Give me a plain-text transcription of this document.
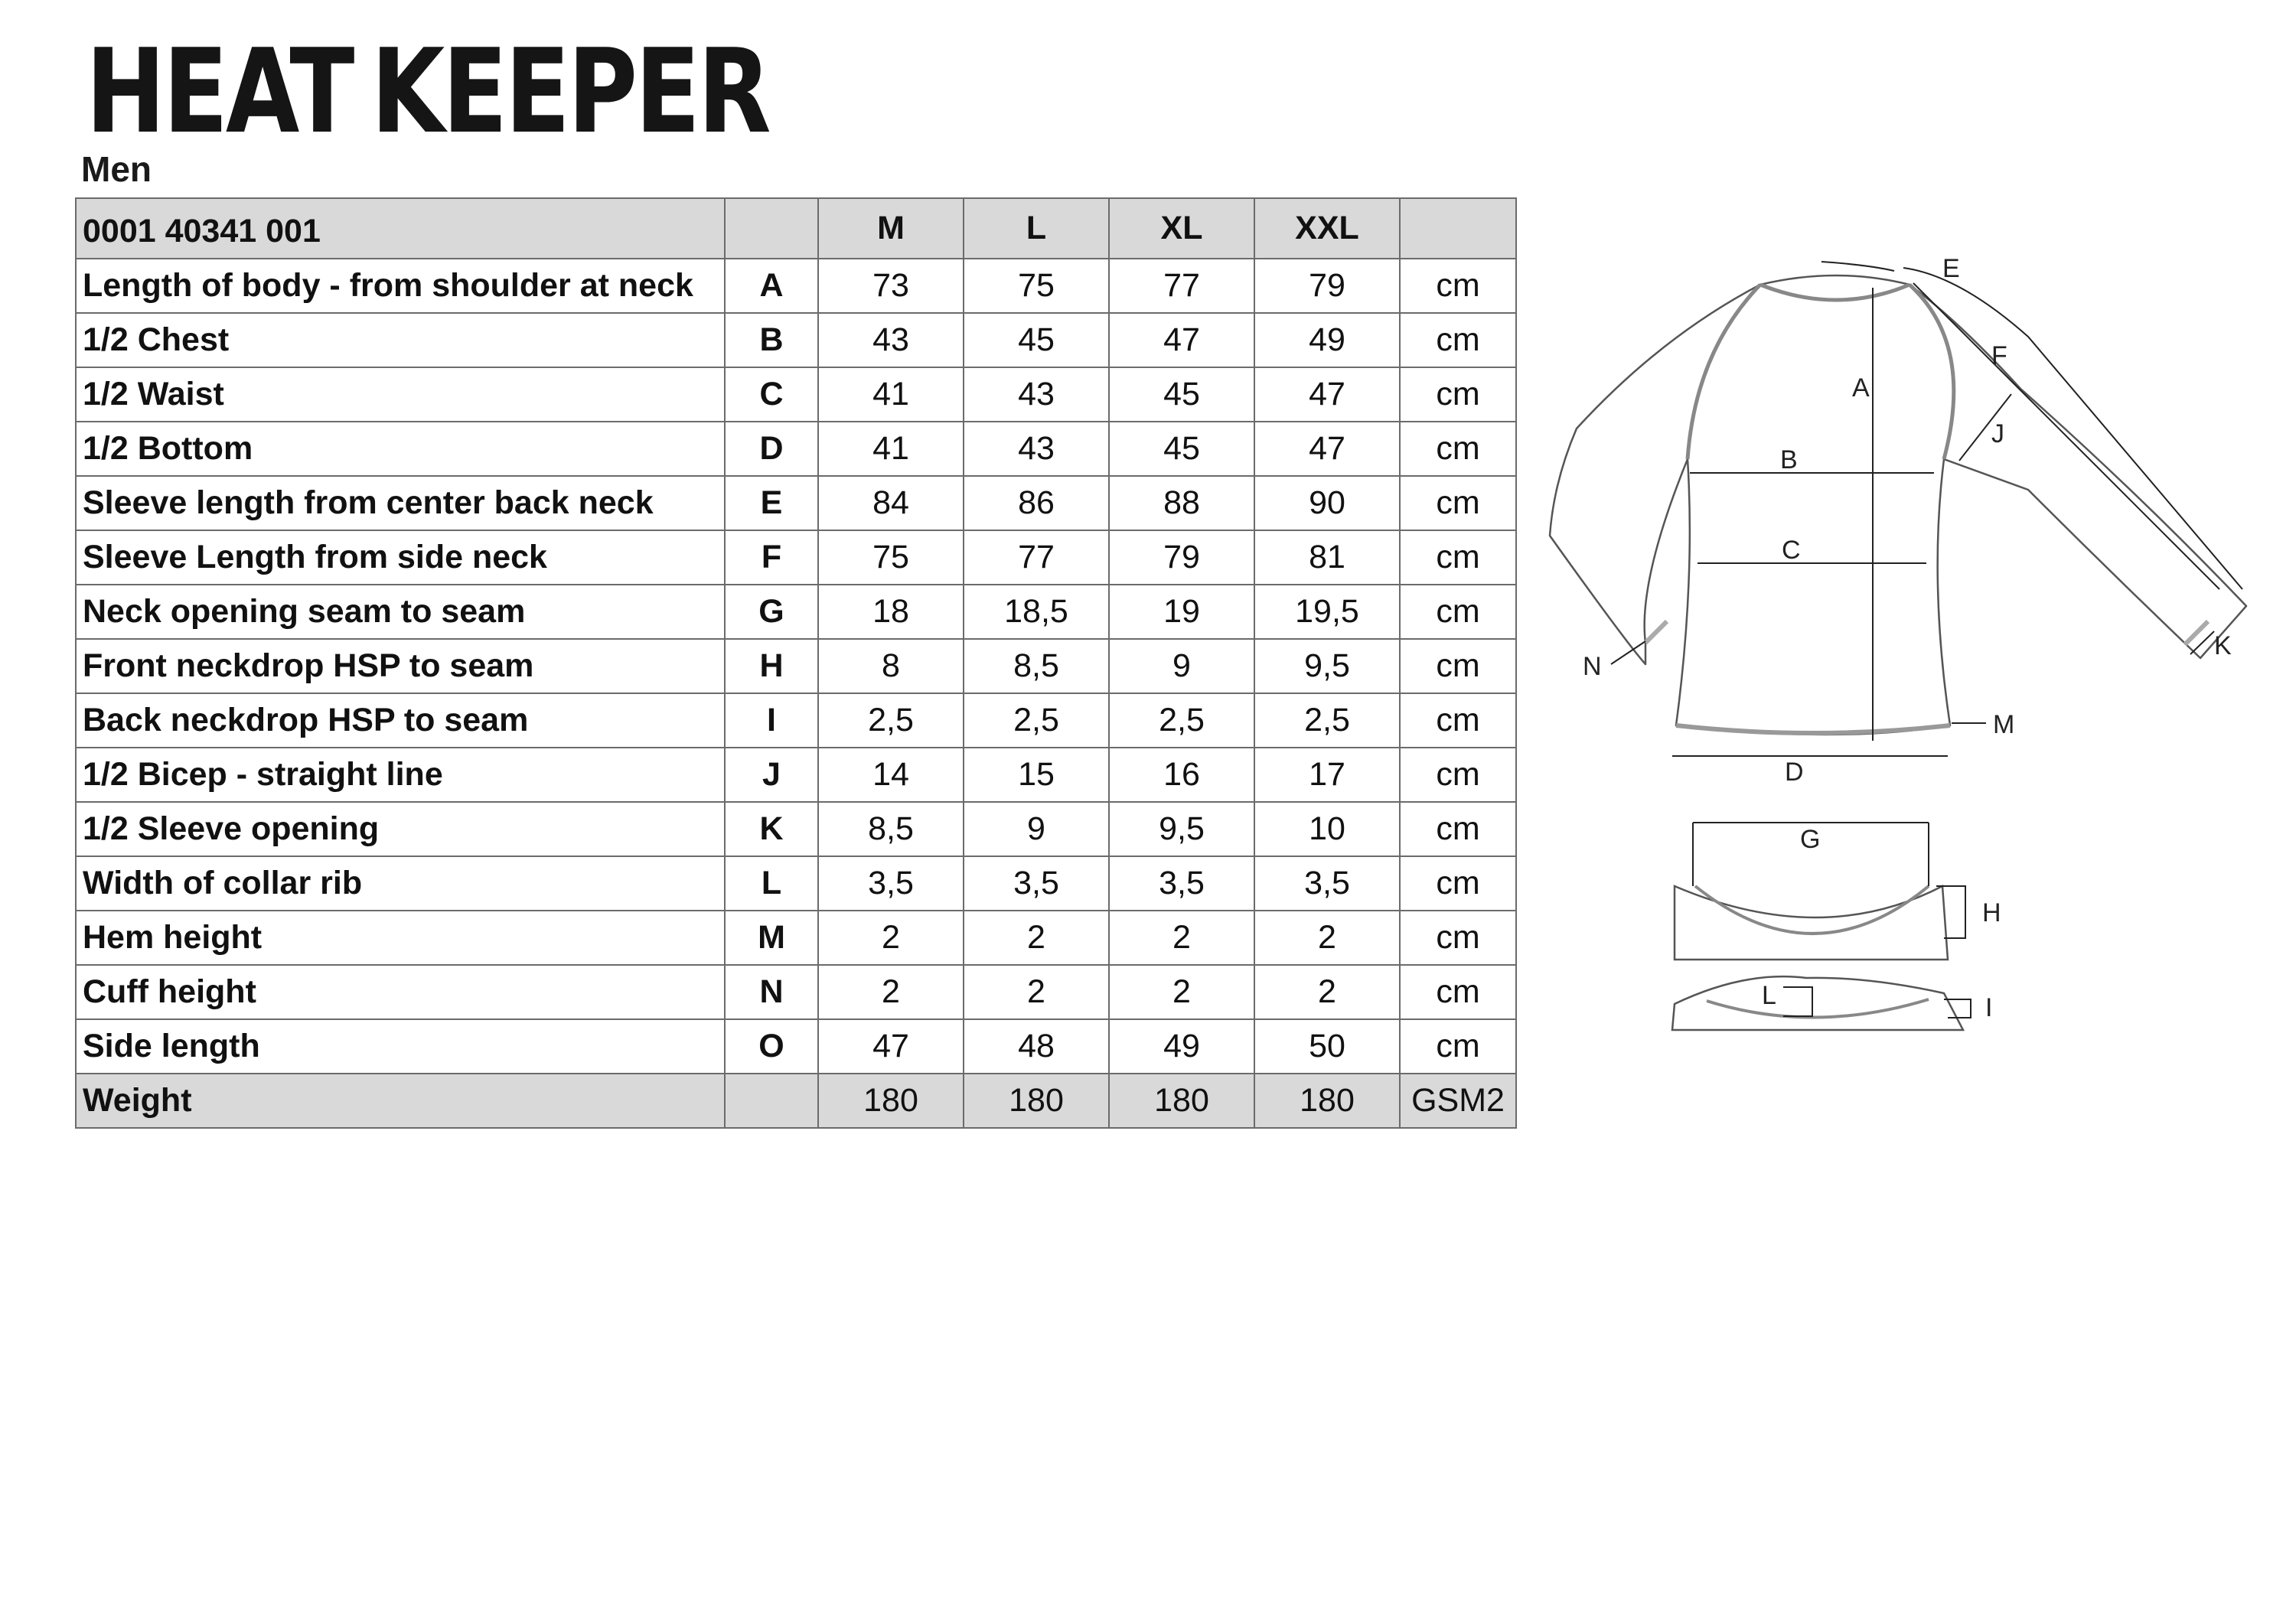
HEAT KEEPER
Men
0001 40341 001		M	L	XL	XXL	
Length of body - from shoulder at neck	A	73	75	77	79	cm
1/2 Chest	B	43	45	47	49	cm
1/2 Waist	C	41	43	45	47	cm
1/2 Bottom	D	41	43	45	47	cm
Sleeve length from center back neck	E	84	86	88	90	cm
Sleeve Length from side neck	F	75	77	79	81	cm
Neck opening seam to seam	G	18	18,5	19	19,5	cm
Front neckdrop HSP to seam	H	8	8,5	9	9,5	cm
Back neckdrop HSP to seam	I	2,5	2,5	2,5	2,5	cm
1/2 Bicep - straight line	J	14	15	16	17	cm
1/2 Sleeve opening	K	8,5	9	9,5	10	cm
Width of collar rib	L	3,5	3,5	3,5	3,5	cm
Hem height	M	2	2	2	2	cm
Cuff height	N	2	2	2	2	cm
Side length	O	47	48	49	50	cm
Weight		180	180	180	180	GSM2
A
B
C
D
E
F
J
K
N
M
G
H
L	I
